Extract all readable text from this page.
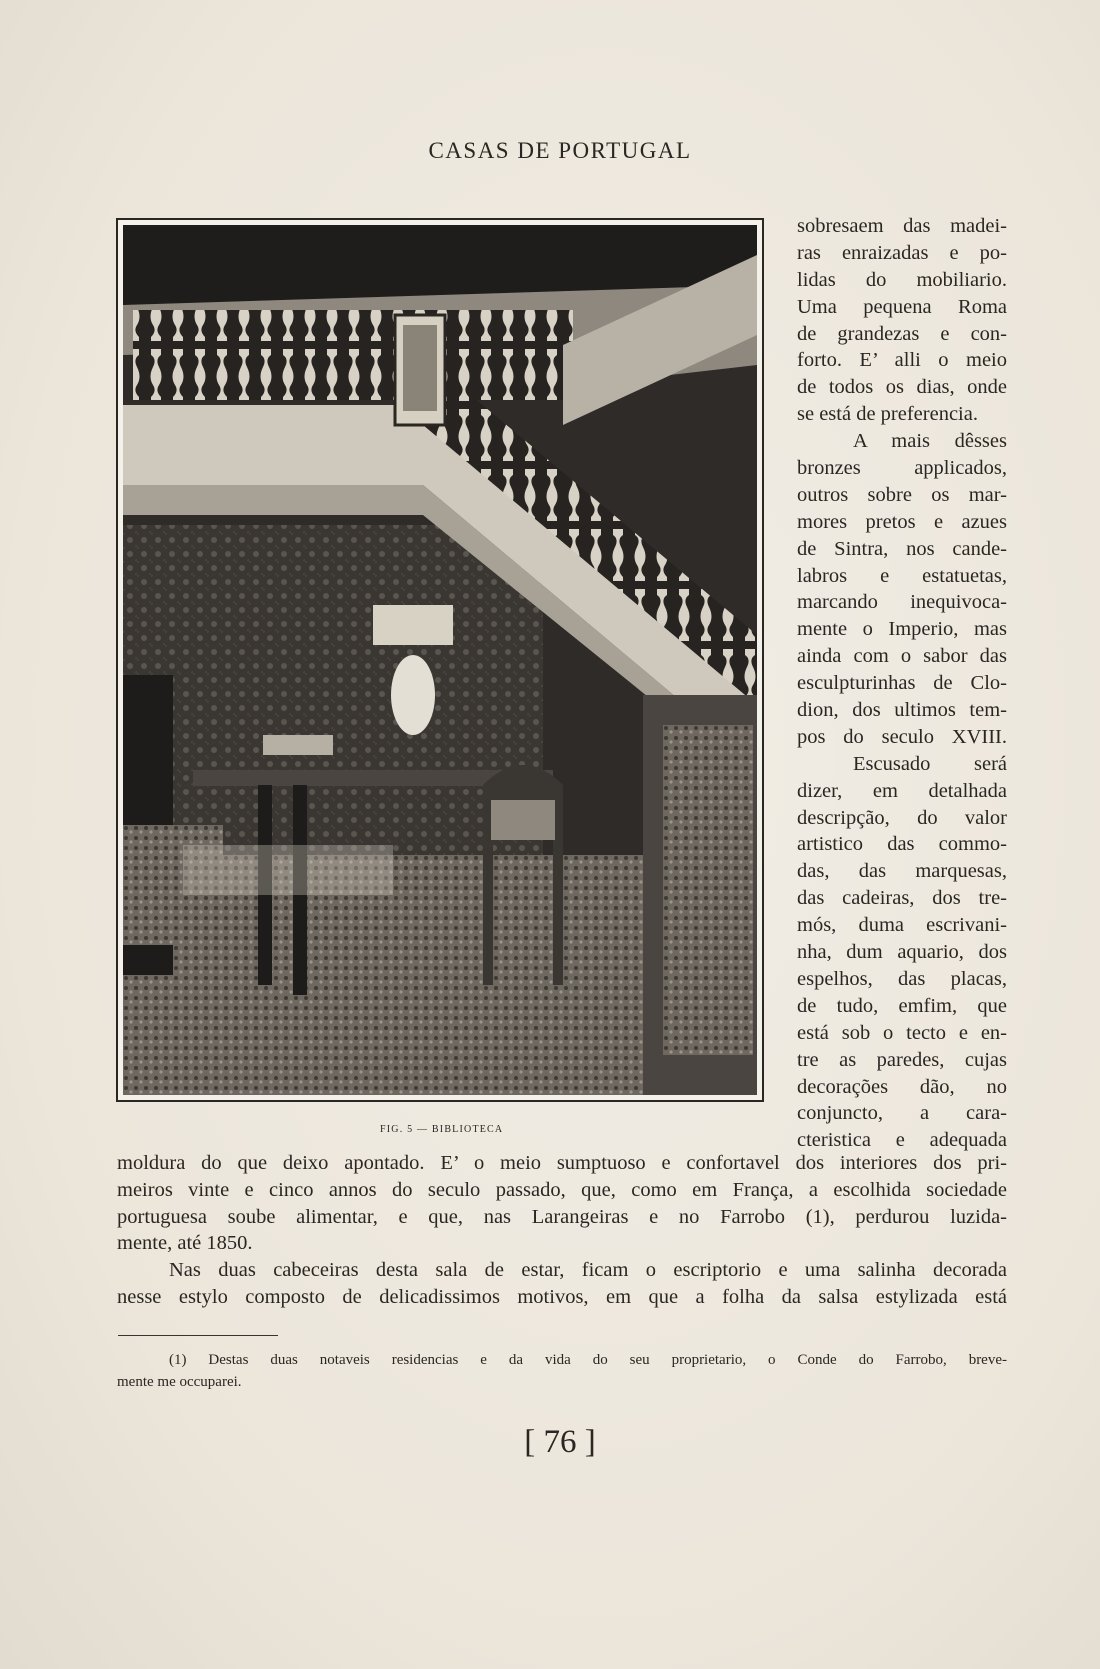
CASAS DE PORTUGAL
FIG. 5 — BIBLIOTECA
sobresaem das madei-
ras enraizadas e po-
lidas do mobiliario.
Uma pequena Roma
de grandezas e con-
forto. E’ alli o meio
de todos os dias, onde
se está de preferencia.
A mais dêsses
bronzes applicados,
outros sobre os mar-
mores pretos e azues
de Sintra, nos cande-
labros e estatuetas,
marcando inequivoca-
mente o Imperio, mas
ainda com o sabor das
esculpturinhas de Clo-
dion, dos ultimos tem-
pos do seculo XVIII.
Escusado será
dizer, em detalhada
descripção, do valor
artistico das commo-
das, das marquesas,
das cadeiras, dos tre-
mós, duma escrivani-
nha, dum aquario, dos
espelhos, das placas,
de tudo, emfim, que
está sob o tecto e en-
tre as paredes, cujas
decorações dão, no
conjuncto, a cara-
cteristica e adequada
moldura do que deixo apontado. E’ o meio sumptuoso e confortavel dos interiores dos pri-
meiros vinte e cinco annos do seculo passado, que, como em França, a escolhida sociedade
portuguesa soube alimentar, e que, nas Larangeiras e no Farrobo (1), perdurou luzida-
mente, até 1850.
Nas duas cabeceiras desta sala de estar, ficam o escriptorio e uma salinha decorada
nesse estylo composto de delicadissimos motivos, em que a folha da salsa estylizada está
(1) Destas duas notaveis residencias e da vida do seu proprietario, o Conde do Farrobo, breve-
mente me occuparei.
[ 76 ]
